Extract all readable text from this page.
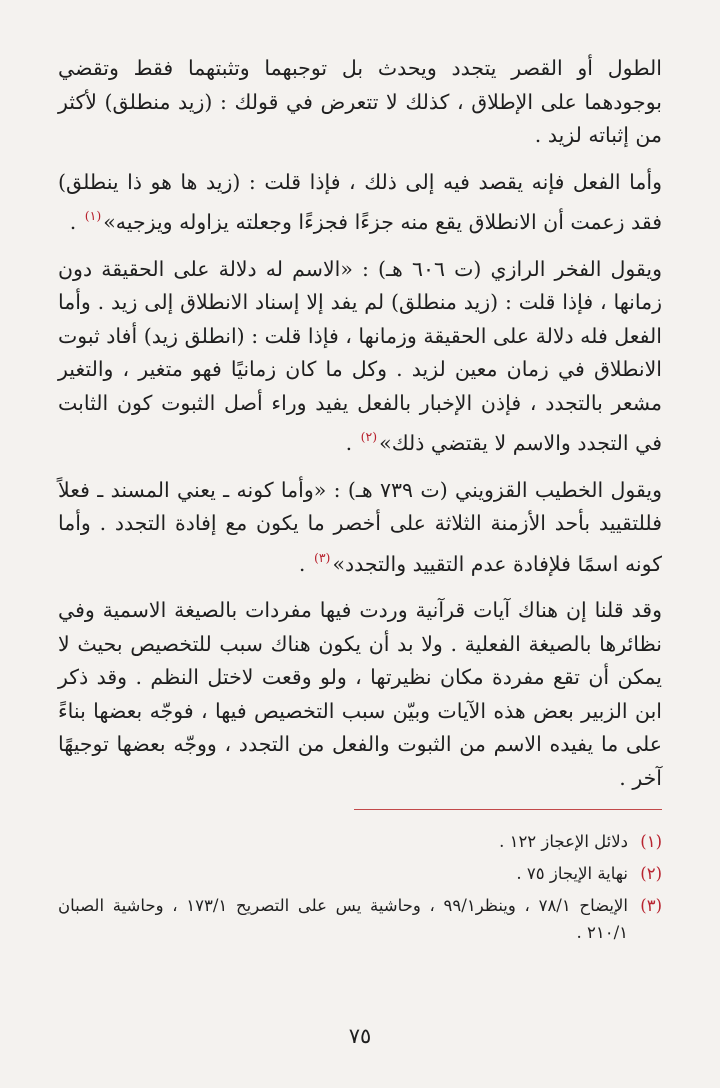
الطول أو القصر يتجدد ويحدث بل توجبهما وتثبتهما فقط وتقضي بوجودهما على الإطلاق ، كذلك لا تتعرض في قولك : (زيد منطلق) لأكثر من إثباته لزيد .

وأما الفعل فإنه يقصد فيه إلى ذلك ، فإذا قلت : (زيد ها هو ذا ينطلق) فقد زعمت أن الانطلاق يقع منه جزءًا فجزءًا وجعلته يزاوله ويزجيه»$^{(١)}$ .

ويقول الفخر الرازي (ت ٦٠٦ هـ) : «الاسم له دلالة على الحقيقة دون زمانها ، فإذا قلت : (زيد منطلق) لم يفد إلا إسناد الانطلاق إلى زيد . وأما الفعل فله دلالة على الحقيقة وزمانها ، فإذا قلت : (انطلق زيد) أفاد ثبوت الانطلاق في زمان معين لزيد . وكل ما كان زمانيًا فهو متغير ، والتغير مشعر بالتجدد ، فإذن الإخبار بالفعل يفيد وراء أصل الثبوت كون الثابت في التجدد والاسم لا يقتضي ذلك»$^{(٢)}$ .

ويقول الخطيب القزويني (ت ٧٣٩ هـ) : «وأما كونه ـ يعني المسند ـ فعلاً فللتقييد بأحد الأزمنة الثلاثة على أخصر ما يكون مع إفادة التجدد . وأما كونه اسمًا فلإفادة عدم التقييد والتجدد»$^{(٣)}$ .

وقد قلنا إن هناك آيات قرآنية وردت فيها مفردات بالصيغة الاسمية وفي نظائرها بالصيغة الفعلية . ولا بد أن يكون هناك سبب للتخصيص بحيث لا يمكن أن تقع مفردة مكان نظيرتها ، ولو وقعت لاختل النظم . وقد ذكر ابن الزبير بعض هذه الآيات وبيّن سبب التخصيص فيها ، فوجّه بعضها بناءً على ما يفيده الاسم من الثبوت والفعل من التجدد ، ووجّه بعضها توجيهًا آخر .

(١)
دلائل الإعجاز ١٢٢ .
(٢)
نهاية الإيجاز ٧٥ .
(٣)
الإيضاح ٧٨/١ ، وينظر٩٩/١ ، وحاشية يس على التصريح ١٧٣/١ ، وحاشية الصبان ٢١٠/١ .
٧٥
